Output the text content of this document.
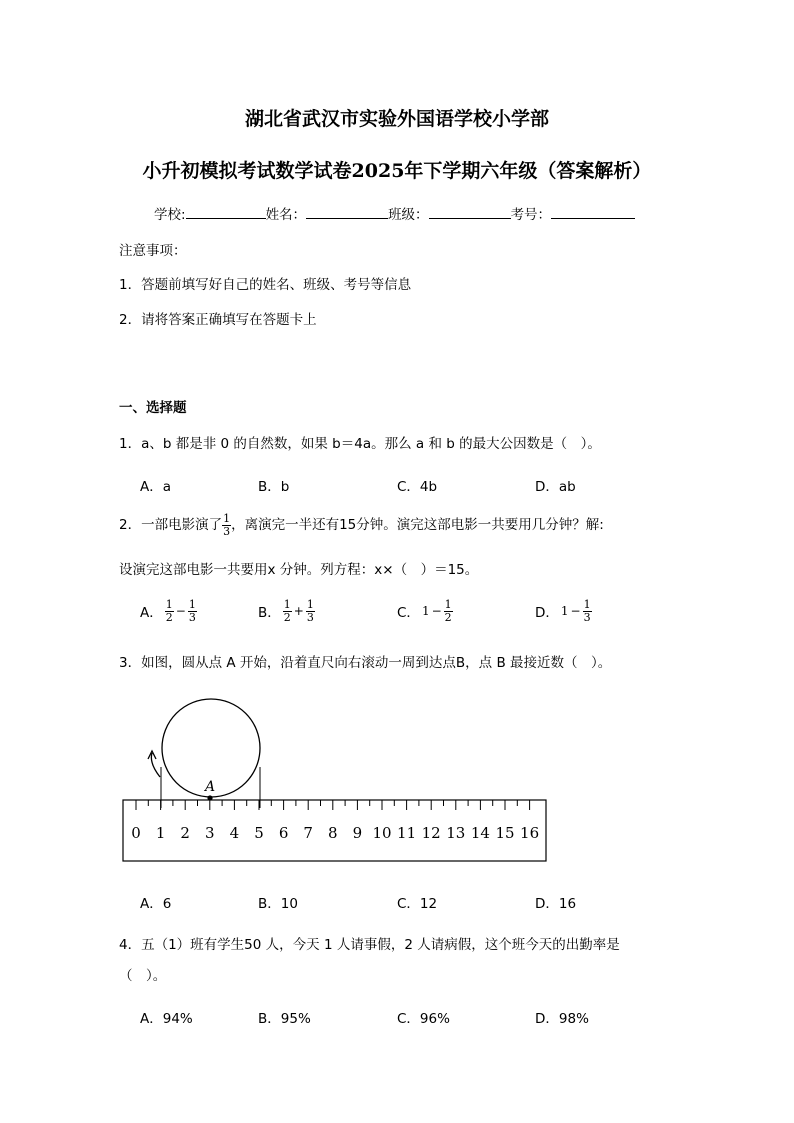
湖北省武汉市实验外国语学校小学部
小升初模拟考试数学试卷2025年下学期六年级（答案解析）
学校:	姓名：	班级：	考号：
注意事项：
1．答题前填写好自己的姓名、班级、考号等信息
2．请将答案正确填写在答题卡上
一、选择题
1．a、b 都是非 0 的自然数，如果 b＝4a。那么 a 和 b 的最大公因数是（　）。
A．a	B．b	C．4b	D．ab
2．一部电影演了 $\frac{1}{3}$ ，离演完一半还有15分钟。演完这部电影一共要用几分钟？解:
设演完这部电影一共要用x 分钟。列方程：x×（　）＝15。
A． $\frac{1}{2} - \frac{1}{3}$	B． $\frac{1}{2} + \frac{1}{3}$	C． $1 - \frac{1}{2}$	D． $1 - \frac{1}{3}$
3．如图，圆从点 A 开始，沿着直尺向右滚动一周到达点B，点 B 最接近数（　）。
A
0 1 2 3 4 5 6 7 8 9 10 11 12 13 14 15 16
A．6	B．10	C．12	D．16
4．五（1）班有学生50 人，今天 1 人请事假，2 人请病假，这个班今天的出勤率是
（　）。
A．94%	B．95%	C．96%	D．98%
